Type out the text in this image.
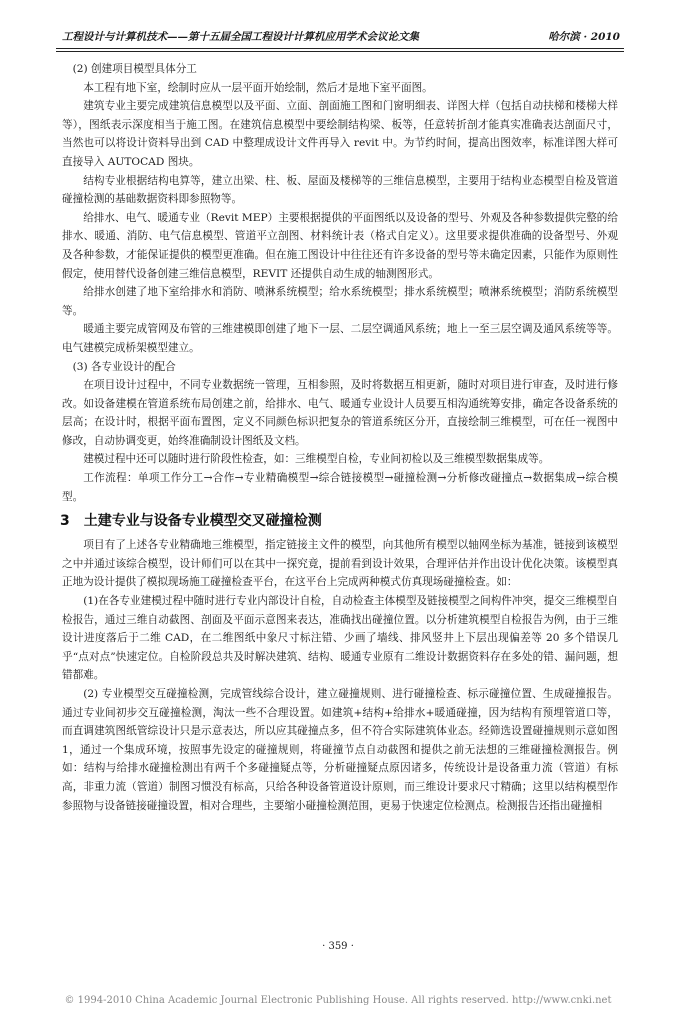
工程设计与计算机技术——第十五届全国工程设计计算机应用学术会议论文集	哈尔滨 · 2010

(2) 创建项目模型具体分工

本工程有地下室，绘制时应从一层平面开始绘制，然后才是地下室平面图。

建筑专业主要完成建筑信息模型以及平面、立面、剖面施工图和门窗明细表、详图大样（包括自动扶梯和楼梯大样等），图纸表示深度相当于施工图。在建筑信息模型中要绘制结构梁、板等，任意转折剖才能真实准确表达剖面尺寸，当然也可以将设计资料导出到 CAD 中整理成设计文件再导入 revit 中。为节约时间，提高出图效率，标准详图大样可直接导入 AUTOCAD 图块。

结构专业根据结构电算等，建立出梁、柱、板、屋面及楼梯等的三维信息模型，主要用于结构业态模型自检及管道碰撞检测的基础数据资料即参照物等。

给排水、电气、暖通专业（Revit MEP）主要根据提供的平面图纸以及设备的型号、外观及各种参数提供完整的给排水、暖通、消防、电气信息模型、管道平立剖图、材料统计表（格式自定义）。这里要求提供准确的设备型号、外观及各种参数，才能保证提供的模型更准确。但在施工图设计中往往还有许多设备的型号等未确定因素，只能作为原则性假定，使用替代设备创建三维信息模型，REVIT 还提供自动生成的轴测图形式。

给排水创建了地下室给排水和消防、喷淋系统模型；给水系统模型；排水系统模型；喷淋系统模型；消防系统模型等。

暖通主要完成管网及布管的三维建模即创建了地下一层、二层空调通风系统；地上一至三层空调及通风系统等等。电气建模完成桥架模型建立。

(3) 各专业设计的配合

在项目设计过程中，不同专业数据统一管理，互相参照，及时将数据互相更新，随时对项目进行审查，及时进行修改。如设备建模在管道系统布局创建之前，给排水、电气、暖通专业设计人员要互相沟通统筹安排，确定各设备系统的层高；在设计时，根据平面布置图，定义不同颜色标识把复杂的管道系统区分开，直接绘制三维模型，可在任一视图中修改，自动协调变更，始终准确制设计图纸及文档。

建模过程中还可以随时进行阶段性检查，如：三维模型自检，专业间初检以及三维模型数据集成等。

工作流程：单项工作分工→合作→专业精确模型→综合链接模型→碰撞检测→分析修改碰撞点→数据集成→综合模型。

3　土建专业与设备专业模型交叉碰撞检测

项目有了上述各专业精确地三维模型，指定链接主文件的模型，向其他所有模型以轴网坐标为基准，链接到该模型之中并通过该综合模型，设计师们可以在其中一探究竟，提前看到设计效果，合理评估并作出设计优化决策。该模型真正地为设计提供了模拟现场施工碰撞检查平台，在这平台上完成两种模式仿真现场碰撞检查。如：

(1)在各专业建模过程中随时进行专业内部设计自检，自动检查主体模型及链接模型之间构件冲突，提交三维模型自检报告，通过三维自动截图、剖面及平面示意图来表达，准确找出碰撞位置。以分析建筑模型自检报告为例，由于三维设计进度落后于二维 CAD，在二维图纸中象尺寸标注错、少画了墙线、排风竖井上下层出现偏差等 20 多个错误几乎“点对点”快速定位。自检阶段总共及时解决建筑、结构、暖通专业原有二维设计数据资料存在多处的错、漏问题，想错都难。

(2) 专业模型交互碰撞检测，完成管线综合设计，建立碰撞规则、进行碰撞检查、标示碰撞位置、生成碰撞报告。通过专业间初步交互碰撞检测，淘汰一些不合理设置。如建筑+结构+给排水+暖通碰撞，因为结构有预埋管道口等，而直调建筑图纸管综设计只是示意表达，所以应其碰撞点多，但不符合实际建筑体业态。经筛选设置碰撞规则示意如图 1，通过一个集成环境，按照事先设定的碰撞规则，将碰撞节点自动截图和提供之前无法想的三维碰撞检测报告。例如：结构与给排水碰撞检测出有两千个多碰撞疑点等，分析碰撞疑点原因诸多，传统设计是设备重力流（管道）有标高，非重力流（管道）制图习惯没有标高，只给各种设备管道设计原则，而三维设计要求尺寸精确；这里以结构模型作参照物与设备链接碰撞设置，相对合理些，主要缩小碰撞检测范围，更易于快速定位检测点。检测报告还指出碰撞相

· 359 ·
© 1994-2010 China Academic Journal Electronic Publishing House. All rights reserved. http://www.cnki.net
